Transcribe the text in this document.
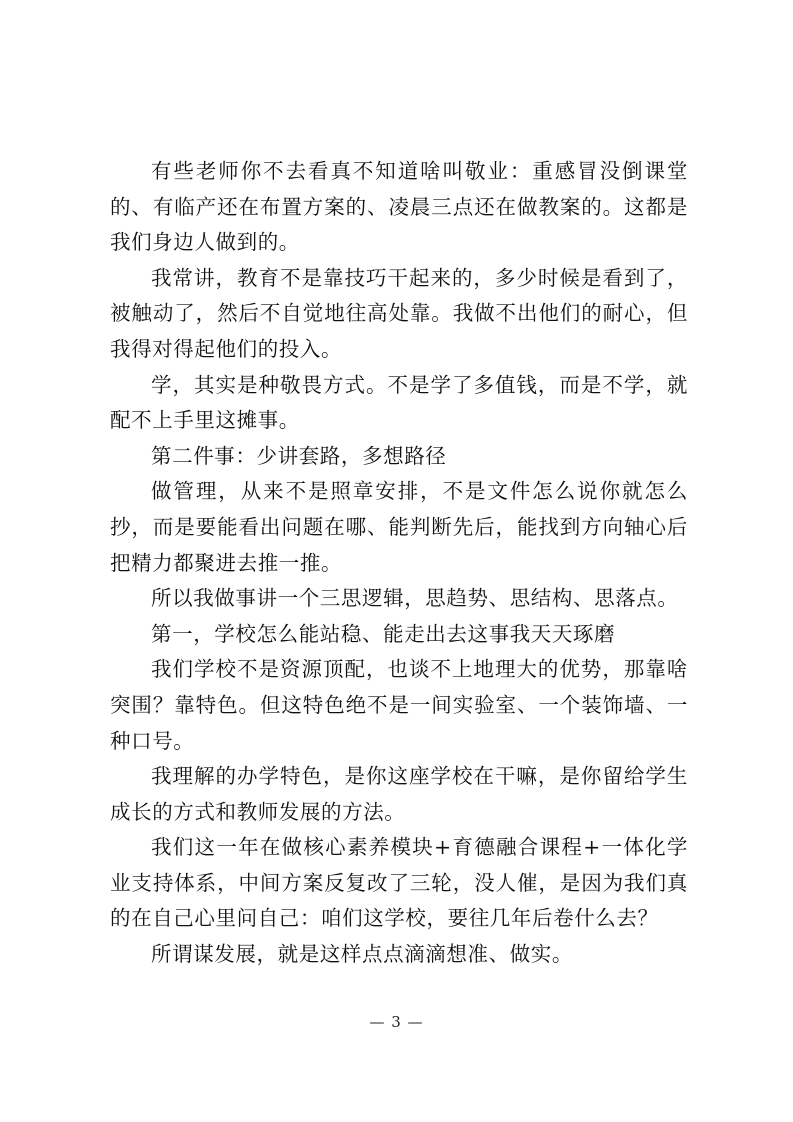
有些老师你不去看真不知道啥叫敬业：重感冒没倒课堂的、有临产还在布置方案的、凌晨三点还在做教案的。这都是我们身边人做到的。

我常讲，教育不是靠技巧干起来的，多少时候是看到了，被触动了，然后不自觉地往高处靠。我做不出他们的耐心，但我得对得起他们的投入。

学，其实是种敬畏方式。不是学了多值钱，而是不学，就配不上手里这摊事。

第二件事：少讲套路，多想路径

做管理，从来不是照章安排，不是文件怎么说你就怎么抄，而是要能看出问题在哪、能判断先后，能找到方向轴心后把精力都聚进去推一推。

所以我做事讲一个三思逻辑，思趋势、思结构、思落点。

第一，学校怎么能站稳、能走出去这事我天天琢磨

我们学校不是资源顶配，也谈不上地理大的优势，那靠啥突围？靠特色。但这特色绝不是一间实验室、一个装饰墙、一种口号。

我理解的办学特色，是你这座学校在干嘛，是你留给学生成长的方式和教师发展的方法。

我们这一年在做核心素养模块+育德融合课程+一体化学业支持体系，中间方案反复改了三轮，没人催，是因为我们真的在自己心里问自己：咱们这学校，要往几年后卷什么去？

所谓谋发展，就是这样点点滴滴想准、做实。

— 3 —
